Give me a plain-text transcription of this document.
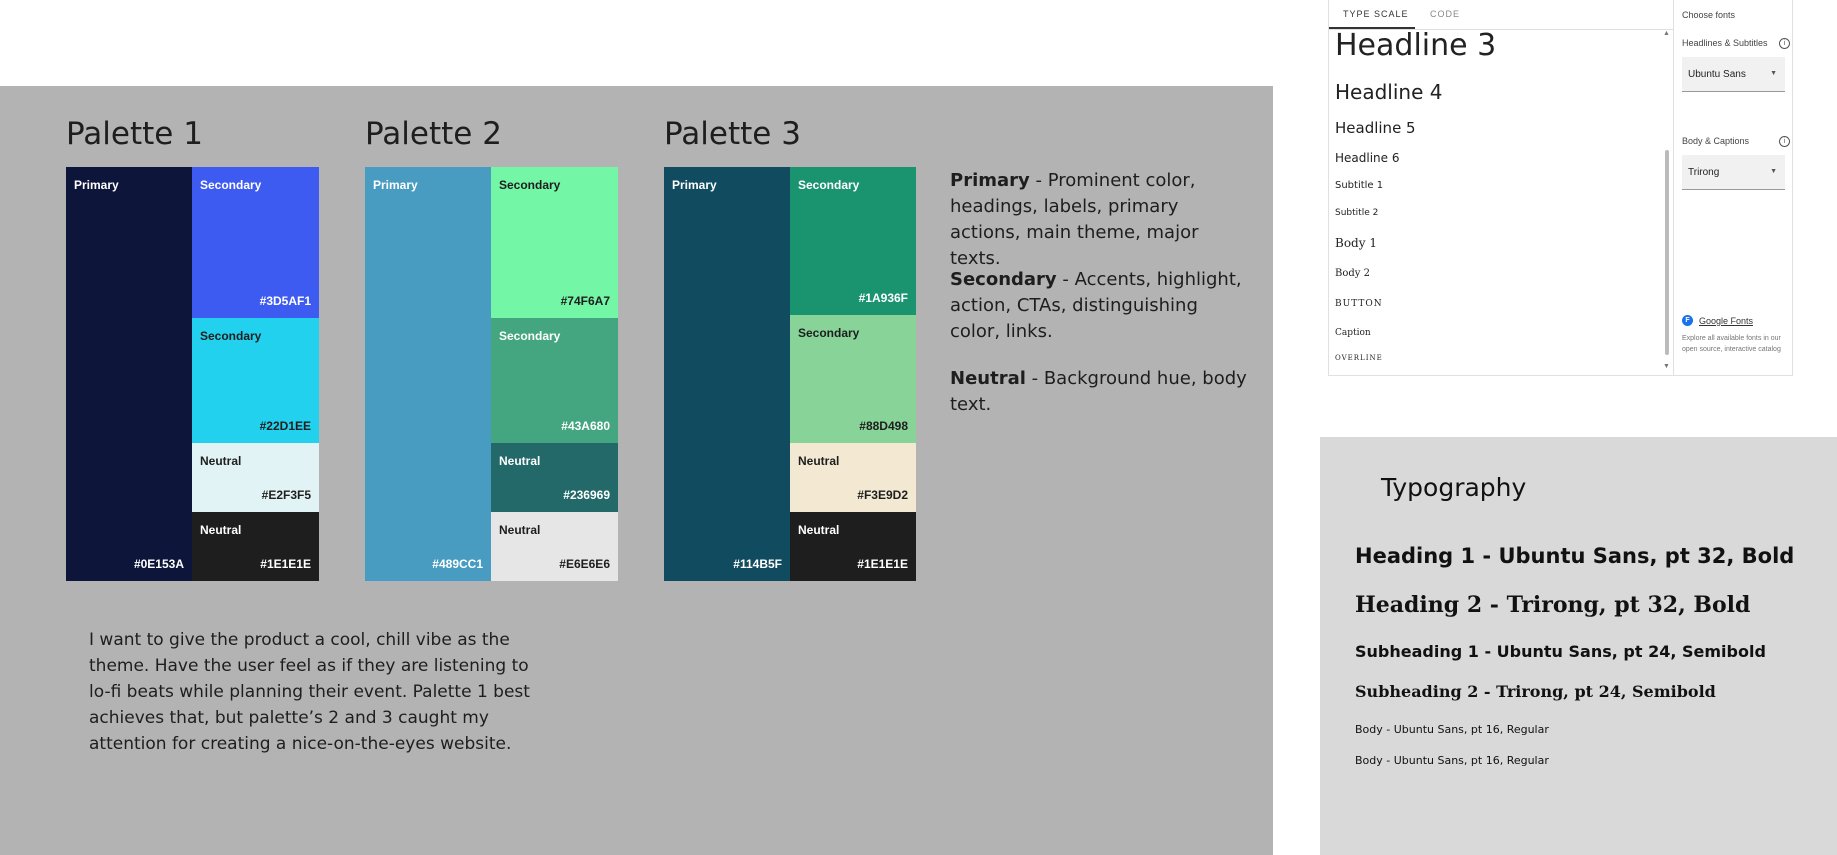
Palette 1	Palette 2	Palette 3
Primary
#0E153A
Secondary
#3D5AF1
Secondary
#22D1EE
Neutral
#E2F3F5
Neutral
#1E1E1E
Primary
#489CC1
Secondary
#74F6A7
Secondary
#43A680
Neutral
#236969
Neutral
#E6E6E6
Primary
#114B5F
Secondary
#1A936F
Secondary
#88D498
Neutral
#F3E9D2
Neutral
#1E1E1E
Primary - Prominent color, headings, labels, primary actions, main theme, major texts.
Secondary - Accents, highlight, action, CTAs, distinguishing color, links.
Neutral - Background hue, body text.
I want to give the product a cool, chill vibe as the theme. Have the user feel as if they are listening to lo-fi beats while planning their event. Palette 1 best achieves that, but palette’s 2 and 3 caught my attention for creating a nice-on-the-eyes website.
TYPE SCALE CODE
Headline 3
Headline 4
Headline 5
Headline 6
Subtitle 1
Subtitle 2
Body 1
Body 2
BUTTON
Caption
OVERLINE
▲
▼
Choose fonts
Headlines & Subtitles	i
Ubuntu Sans	▼
Body & Captions	i
Trirong	▼
F	Google Fonts
Explore all available fonts in our open source, interactive catalog
Typography
Heading 1 - Ubuntu Sans, pt 32, Bold
Heading 2 - Trirong, pt 32, Bold
Subheading 1 - Ubuntu Sans, pt 24, Semibold
Subheading 2 - Trirong, pt 24, Semibold
Body - Ubuntu Sans, pt 16, Regular
Body - Ubuntu Sans, pt 16, Regular
